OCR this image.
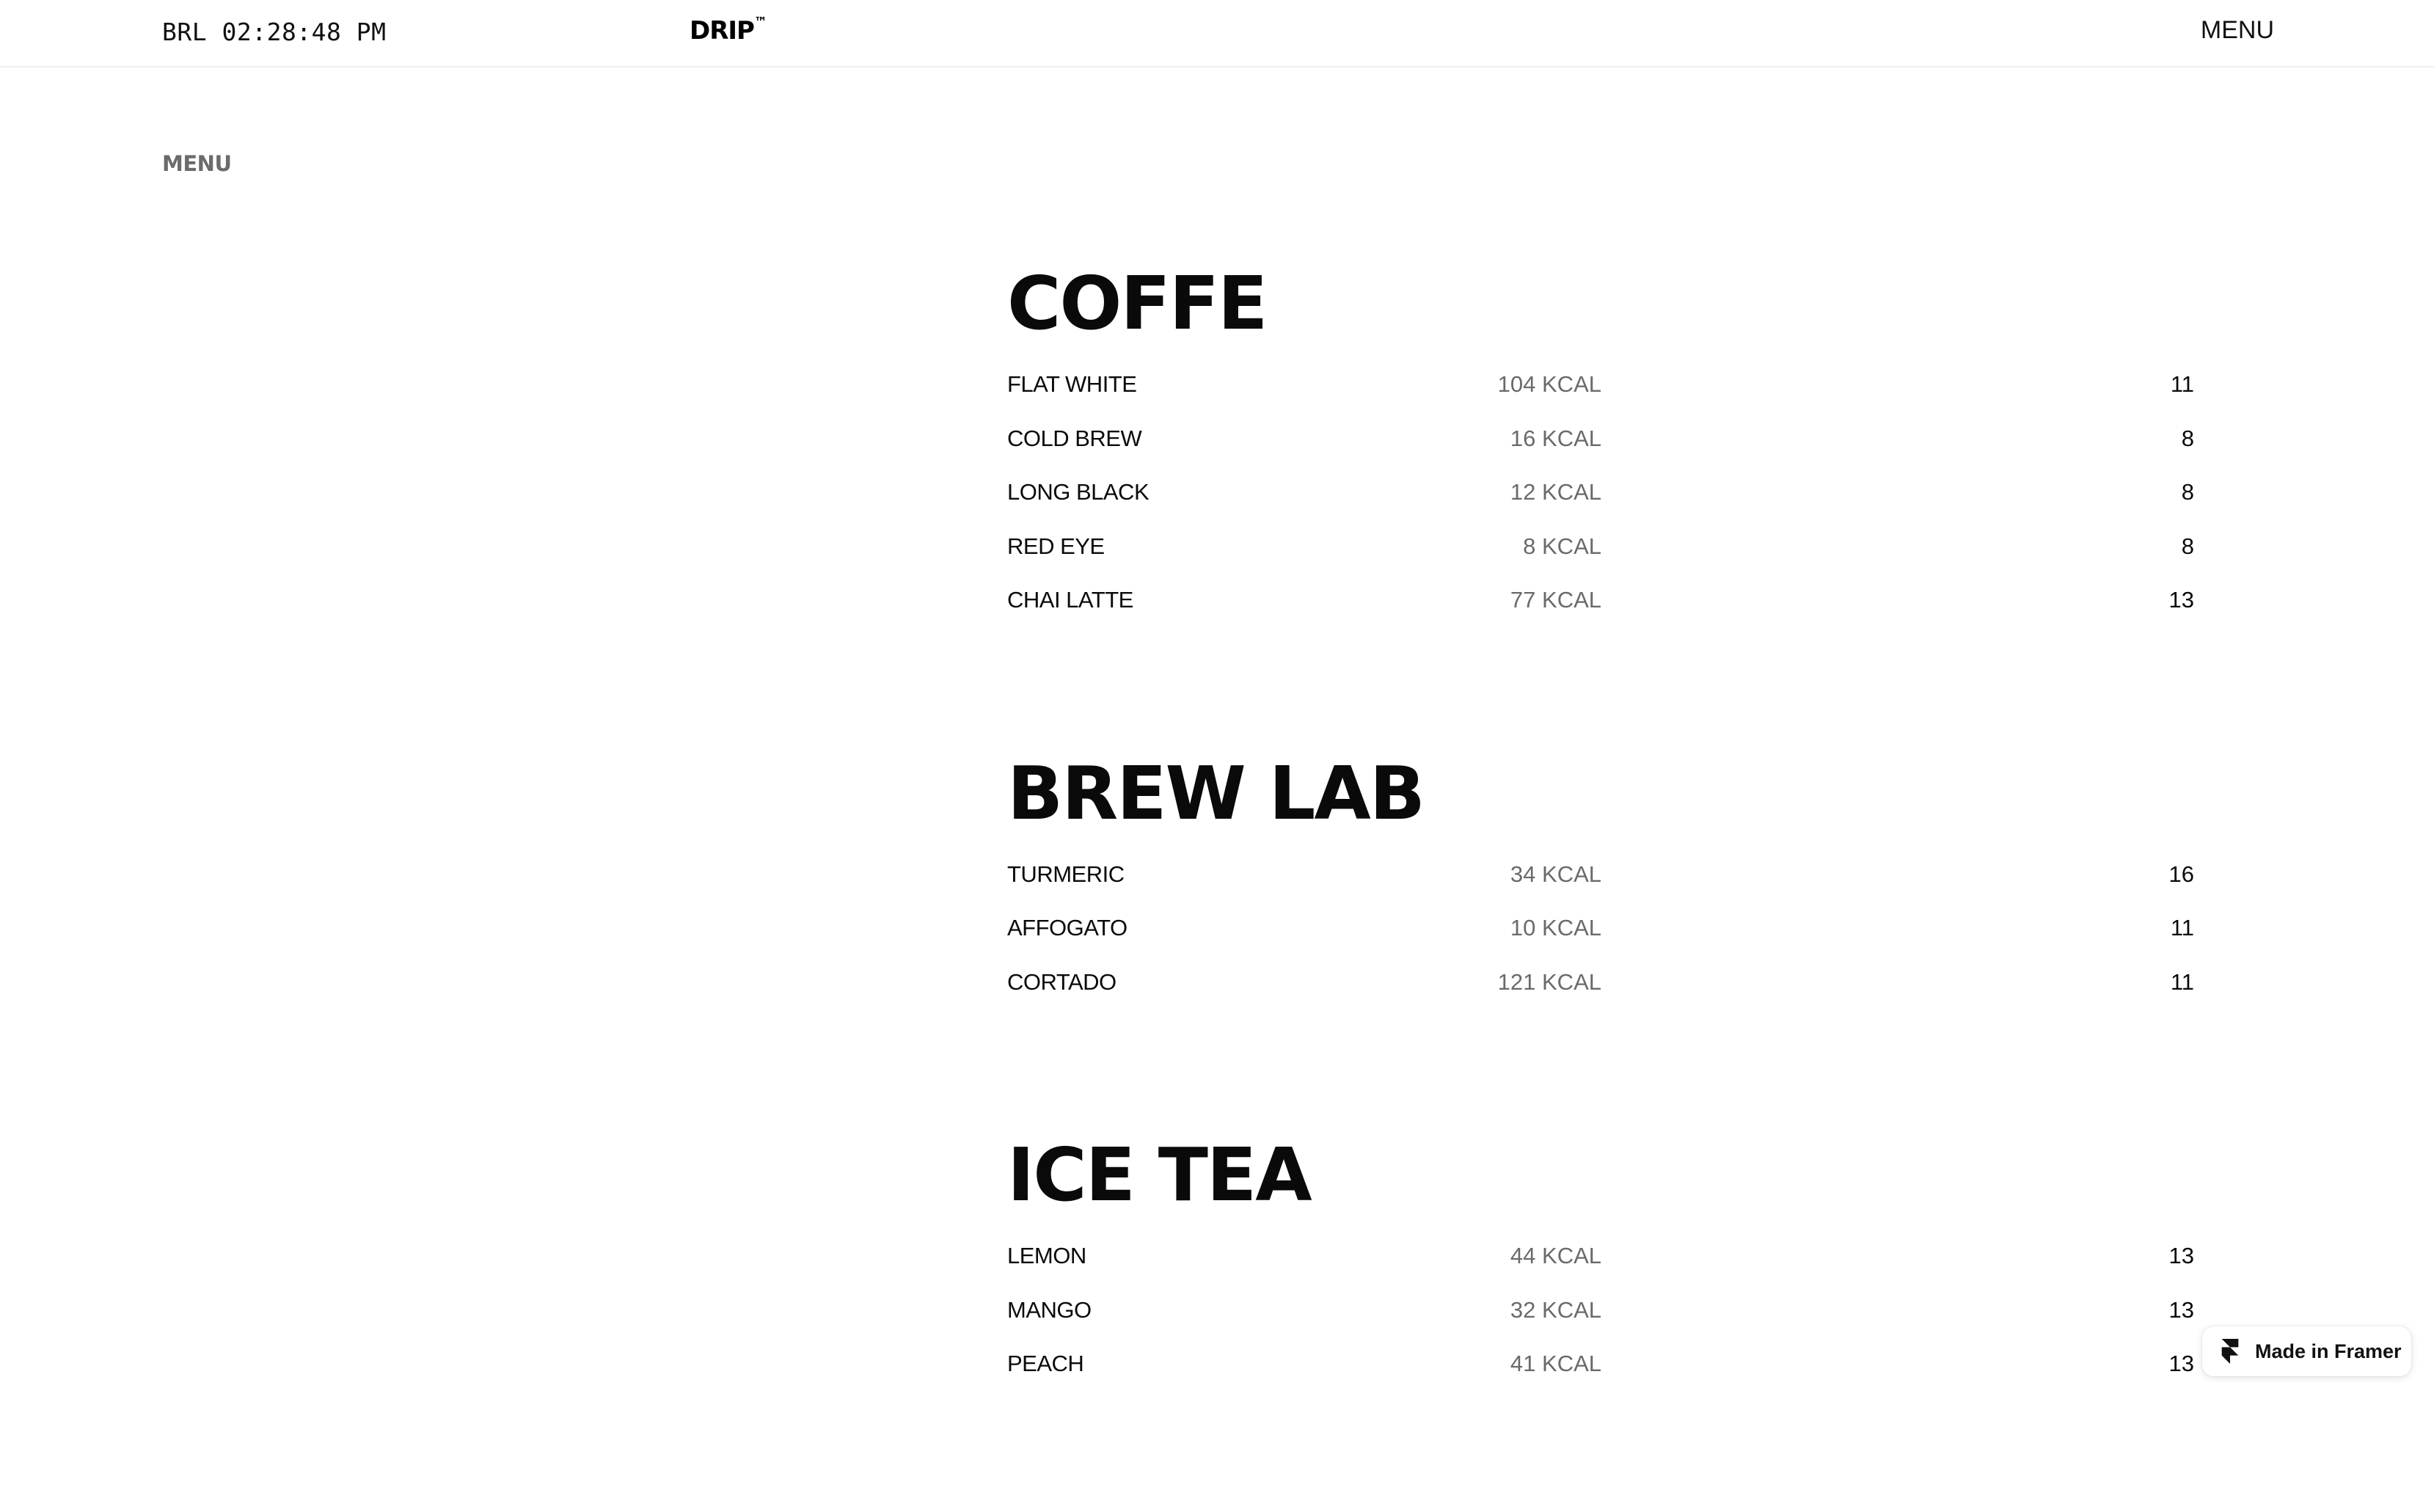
BRL 02:28:48 PM	DRIP™	MENU
MENU
COFFE
FLAT WHITE	104 KCAL	11
COLD BREW	16 KCAL	8
LONG BLACK	12 KCAL	8
RED EYE	8 KCAL	8
CHAI LATTE	77 KCAL	13
BREW LAB
TURMERIC	34 KCAL	16
AFFOGATO	10 KCAL	11
CORTADO	121 KCAL	11
ICE TEA
LEMON	44 KCAL	13
MANGO	32 KCAL	13
PEACH	41 KCAL	13	Made in Framer
